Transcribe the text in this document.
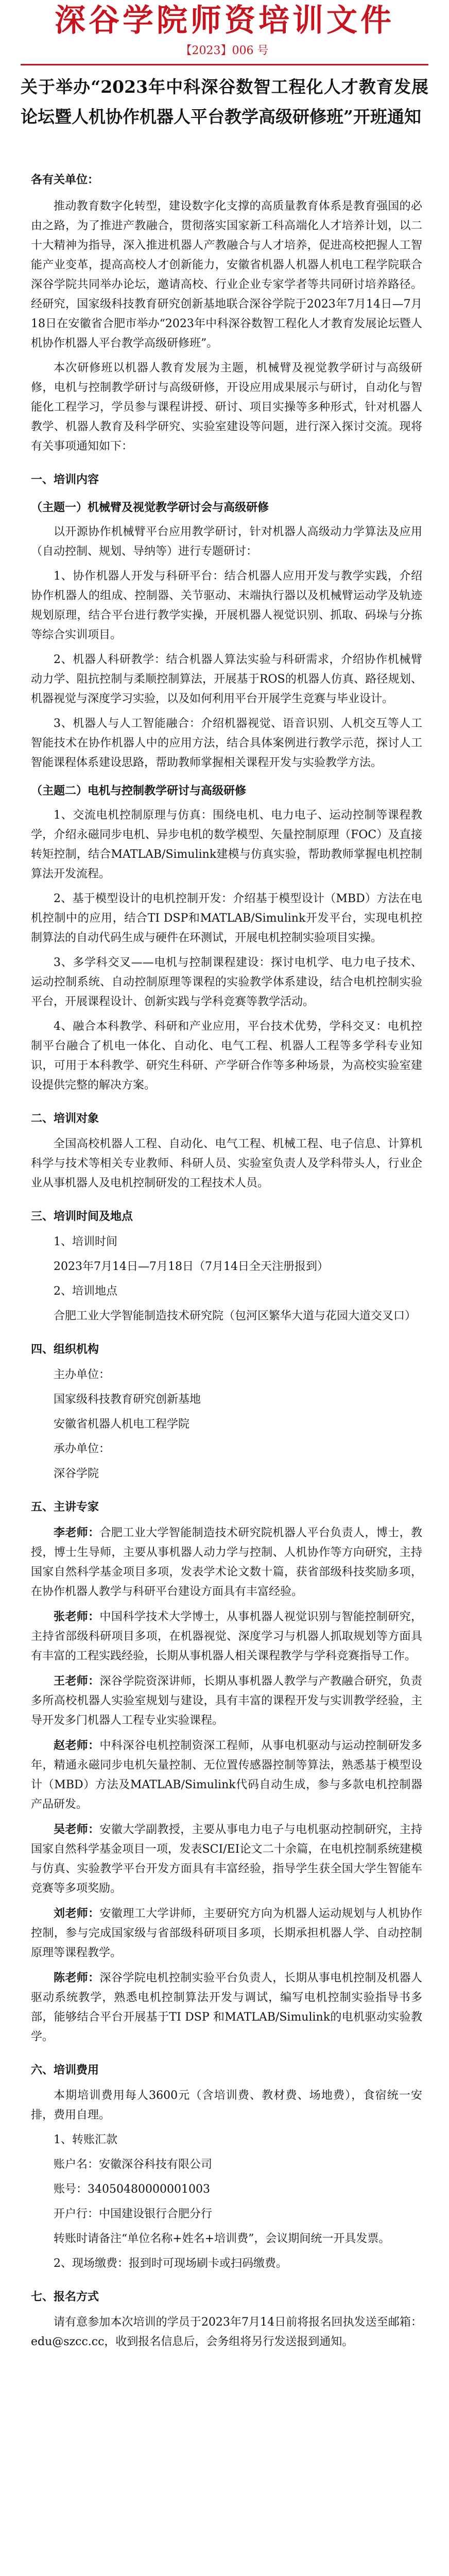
深谷学院师资培训文件
【2023】006 号
关于举办“2023年中科深谷数智工程化人才教育发展论坛暨人机协作机器人平台教学高级研修班”开班通知
各有关单位：
推动教育数字化转型，建设数字化支撑的高质量教育体系是教育强国的必由之路，为了推进产教融合，贯彻落实国家新工科高端化人才培养计划，以二十大精神为指导，深入推进机器人产教融合与人才培养，促进高校把握人工智能产业变革，提高高校人才创新能力，安徽省机器人机器人机电工程学院联合深谷学院共同举办论坛，邀请高校、行业企业专家学者等共同研讨培养路径。经研究，国家级科技教育研究创新基地联合深谷学院于2023年7月14日—7月18日在安徽省合肥市举办“2023年中科深谷数智工程化人才教育发展论坛暨人机协作机器人平台教学高级研修班”。
本次研修班以机器人教育发展为主题，机械臂及视觉教学研讨与高级研修，电机与控制教学研讨与高级研修，开设应用成果展示与研讨，自动化与智能化工程学习，学员参与课程讲授、研讨、项目实操等多种形式，针对机器人教学、机器人教育及科学研究、实验室建设等问题，进行深入探讨交流。现将有关事项通知如下：
一、培训内容
（主题一）机械臂及视觉教学研讨会与高级研修
以开源协作机械臂平台应用教学研讨，针对机器人高级动力学算法及应用（自动控制、规划、导纳等）进行专题研讨：
1、协作机器人开发与科研平台：结合机器人应用开发与教学实践，介绍协作机器人的组成、控制器、关节驱动、末端执行器以及机械臂运动学及轨迹规划原理，结合平台进行教学实操，开展机器人视觉识别、抓取、码垛与分拣等综合实训项目。
2、机器人科研教学：结合机器人算法实验与科研需求，介绍协作机械臂动力学、阻抗控制与柔顺控制算法，开展基于ROS的机器人仿真、路径规划、机器视觉与深度学习实验，以及如何利用平台开展学生竞赛与毕业设计。
3、机器人与人工智能融合：介绍机器视觉、语音识别、人机交互等人工智能技术在协作机器人中的应用方法，结合具体案例进行教学示范，探讨人工智能课程体系建设思路，帮助教师掌握相关课程开发与实验教学方法。
（主题二）电机与控制教学研讨与高级研修
1、交流电机控制原理与仿真：围绕电机、电力电子、运动控制等课程教学，介绍永磁同步电机、异步电机的数学模型、矢量控制原理（FOC）及直接转矩控制，结合MATLAB/Simulink建模与仿真实验，帮助教师掌握电机控制算法开发流程。
2、基于模型设计的电机控制开发：介绍基于模型设计（MBD）方法在电机控制中的应用，结合TI DSP和MATLAB/Simulink开发平台，实现电机控制算法的自动代码生成与硬件在环测试，开展电机控制实验项目实操。
3、多学科交叉——电机与控制课程建设：探讨电机学、电力电子技术、运动控制系统、自动控制原理等课程的实验教学体系建设，结合电机控制实验平台，开展课程设计、创新实践与学科竞赛等教学活动。
4、融合本科教学、科研和产业应用，平台技术优势，学科交叉：电机控制平台融合了机电一体化、自动化、电气工程、机器人工程等多学科专业知识，可用于本科教学、研究生科研、产学研合作等多种场景，为高校实验室建设提供完整的解决方案。
二、培训对象
全国高校机器人工程、自动化、电气工程、机械工程、电子信息、计算机科学与技术等相关专业教师、科研人员、实验室负责人及学科带头人，行业企业从事机器人及电机控制研发的工程技术人员。
三、培训时间及地点
1、培训时间
2023年7月14日—7月18日（7月14日全天注册报到）
2、培训地点
合肥工业大学智能制造技术研究院（包河区繁华大道与花园大道交叉口）
四、组织机构
主办单位：
国家级科技教育研究创新基地
安徽省机器人机电工程学院
承办单位：
深谷学院
五、主讲专家
李老师：合肥工业大学智能制造技术研究院机器人平台负责人，博士，教授，博士生导师，主要从事机器人动力学与控制、人机协作等方向研究，主持国家自然科学基金项目多项，发表学术论文数十篇，获省部级科技奖励多项，在协作机器人教学与科研平台建设方面具有丰富经验。
张老师：中国科学技术大学博士，从事机器人视觉识别与智能控制研究，主持省部级科研项目多项，在机器视觉、深度学习与机器人抓取规划等方面具有丰富的工程实践经验，长期从事机器人相关课程教学与学科竞赛指导工作。
王老师：深谷学院资深讲师，长期从事机器人教学与产教融合研究，负责多所高校机器人实验室规划与建设，具有丰富的课程开发与实训教学经验，主导开发多门机器人工程专业实验课程。
赵老师：中科深谷电机控制资深工程师，从事电机驱动与运动控制研发多年，精通永磁同步电机矢量控制、无位置传感器控制等算法，熟悉基于模型设计（MBD）方法及MATLAB/Simulink代码自动生成，参与多款电机控制器产品研发。
吴老师：安徽大学副教授，主要从事电力电子与电机驱动控制研究，主持国家自然科学基金项目一项，发表SCI/EI论文二十余篇，在电机控制系统建模与仿真、实验教学平台开发方面具有丰富经验，指导学生获全国大学生智能车竞赛等多项奖励。
刘老师：安徽理工大学讲师，主要研究方向为机器人运动规划与人机协作控制，参与完成国家级与省部级科研项目多项，长期承担机器人学、自动控制原理等课程教学。
陈老师：深谷学院电机控制实验平台负责人，长期从事电机控制及机器人驱动系统教学，熟悉电机控制算法开发与调试，编写电机控制实验指导书多部，能够结合平台开展基于TI DSP 和MATLAB/Simulink的电机驱动实验教学。
六、培训费用
本期培训费用每人3600元（含培训费、教材费、场地费），食宿统一安排，费用自理。
1、转账汇款
账户名：安徽深谷科技有限公司
账号：34050480000001003
开户行：中国建设银行合肥分行
转账时请备注“单位名称+姓名+培训费”，会议期间统一开具发票。
2、现场缴费：报到时可现场刷卡或扫码缴费。
七、报名方式
请有意参加本次培训的学员于2023年7月14日前将报名回执发送至邮箱：edu@szcc.cc，收到报名信息后，会务组将另行发送报到通知。
